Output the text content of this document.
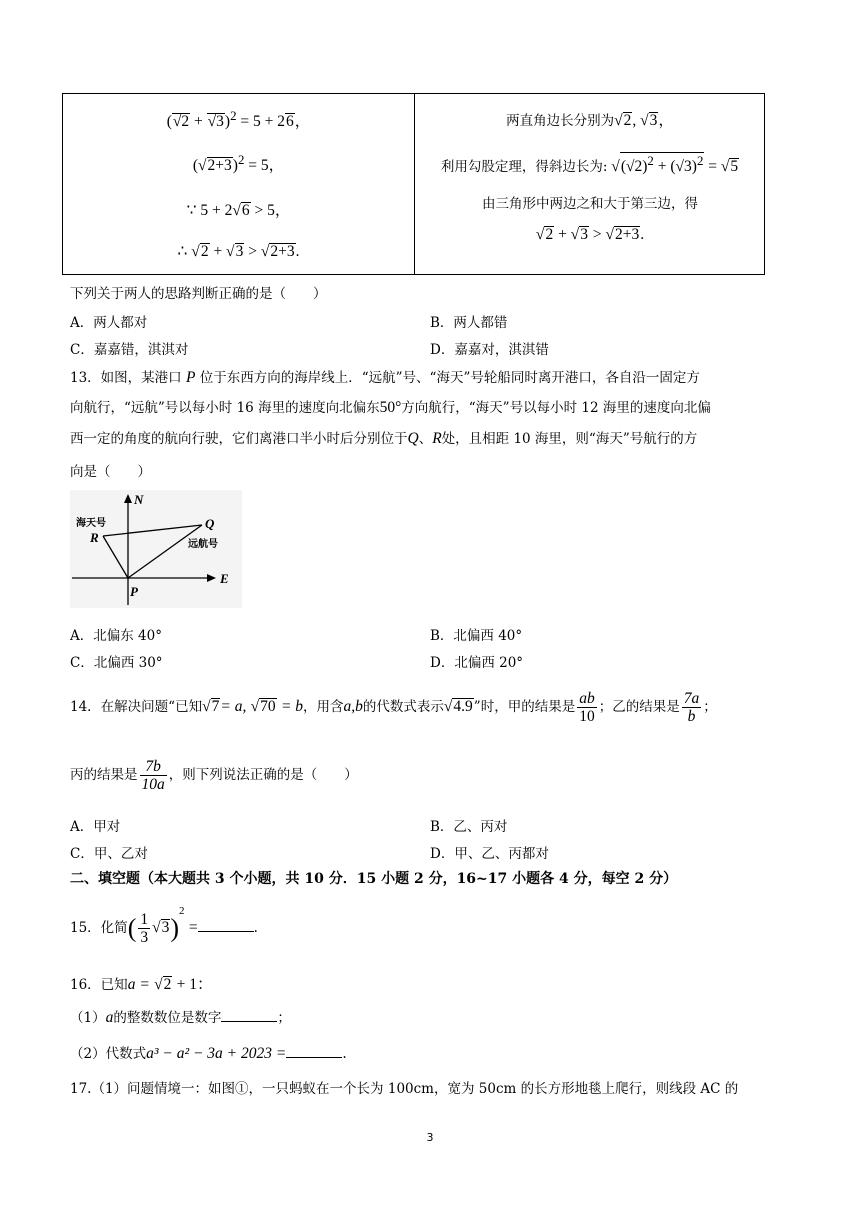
$(√2 + √3)^2 = 5 + 26$，
$(√2+3)^2 = 5$，
∵ 5 + 2√6 > 5，
∴ √2 + √3 > √2+3.
两直角边长分别为√2, √3，
利用勾股定理，得斜边长为: $√(√2)^2 + (√3)^2 = √5$
由三角形中两边之和大于第三边，得
√2 + √3 > √2+3.
下列关于两人的思路判断正确的是（　　）
A．两人都对	B．两人都错
C．嘉嘉错，淇淇对	D．嘉嘉对，淇淇错
13．如图，某港口 P 位于东西方向的海岸线上．“远航”号、“海天”号轮船同时离开港口，各自沿一固定方
向航行，“远航”号以每小时 16 海里的速度向北偏东50°方向航行，“海天”号以每小时 12 海里的速度向北偏
西一定的角度的航向行驶，它们离港口半小时后分别位于Q、R处，且相距 10 海里，则“海天”号航行的方
向是（　　）
N
E
P
Q
R
海天号
远航号
A．北偏东 40°	B．北偏西 40°
C．北偏西 30°	D．北偏西 20°
14．在解决问题“已知√7= a, √70 = b，用含a,b的代数式表示√4.9”时，甲的结果是 $\frac{ab}{10}$ ；乙的结果是 $\frac{7a}{b}$ ；
丙的结果是 $\frac{7b}{10a}$ ，则下列说法正确的是（　　）
A．甲对	B．乙、丙对
C．甲、乙对	D．甲、乙、丙都对
二、填空题（本大题共 3 个小题，共 10 分．15 小题 2 分，16~17 小题各 4 分，每空 2 分）
15．化简( $\frac{1}{3} √3)^2$ =	.
16．已知a = √2 + 1：
（1）a的整数数位是数字	；
（2）代数式a³ − a² − 3a + 2023 =	.
17.（1）问题情境一：如图①，一只蚂蚁在一个长为 100cm，宽为 50cm 的长方形地毯上爬行，则线段 AC 的
3
